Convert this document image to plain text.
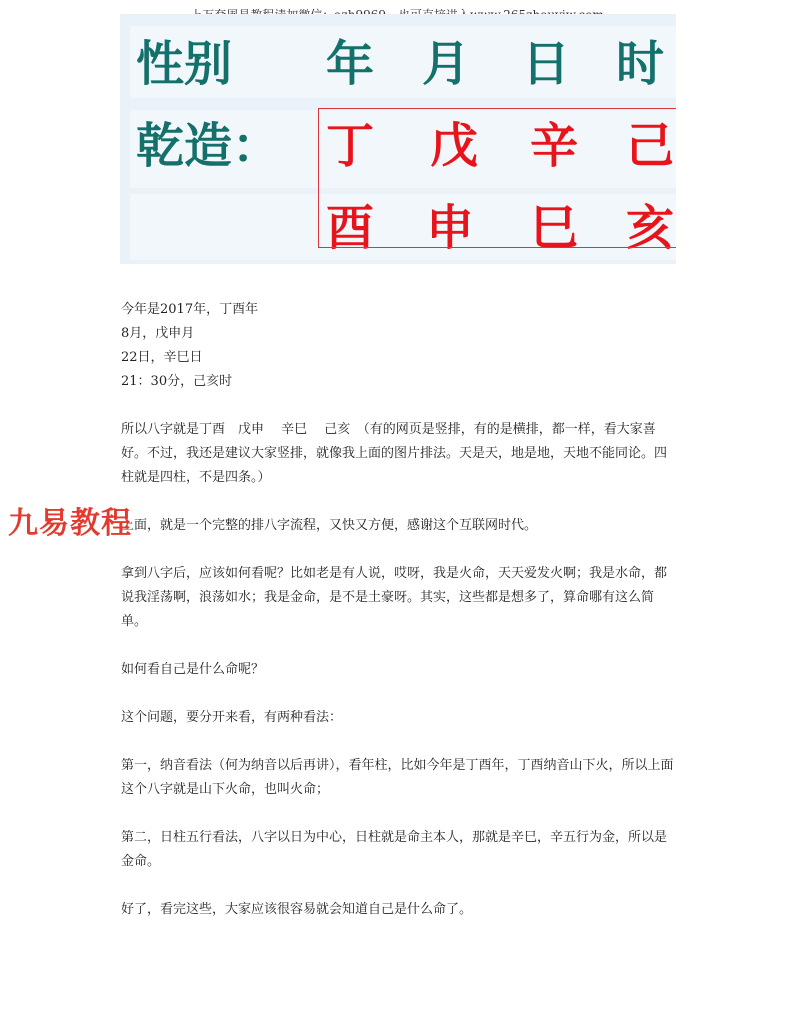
性别 年 月 日 时
乾造： 丁 戊 辛 己
酉 申 巳 亥

今年是2017年，丁酉年

8月，戊申月

22日，辛巳日

21：30分，己亥时

所以八字就是丁酉　戊申　 辛巳　 己亥　（有的网页是竖排，有的是横排，都一样，看大家喜好。不过，我还是建议大家竖排，就像我上面的图片排法。天是天，地是地，天地不能同论。四柱就是四柱，不是四条。）
上面，就是一个完整的排八字流程，又快又方便，感谢这个互联网时代。
拿到八字后，应该如何看呢？比如老是有人说，哎呀，我是火命，天天爱发火啊；我是水命，都说我淫荡啊，浪荡如水；我是金命，是不是土豪呀。其实，这些都是想多了，算命哪有这么简单。
如何看自己是什么命呢？
这个问题，要分开来看，有两种看法：
第一，纳音看法（何为纳音以后再讲），看年柱，比如今年是丁酉年，丁酉纳音山下火，所以上面这个八字就是山下火命，也叫火命；
第二，日柱五行看法，八字以日为中心，日柱就是命主本人，那就是辛巳，辛五行为金，所以是金命。
好了，看完这些，大家应该很容易就会知道自己是什么命了。
九易教程
